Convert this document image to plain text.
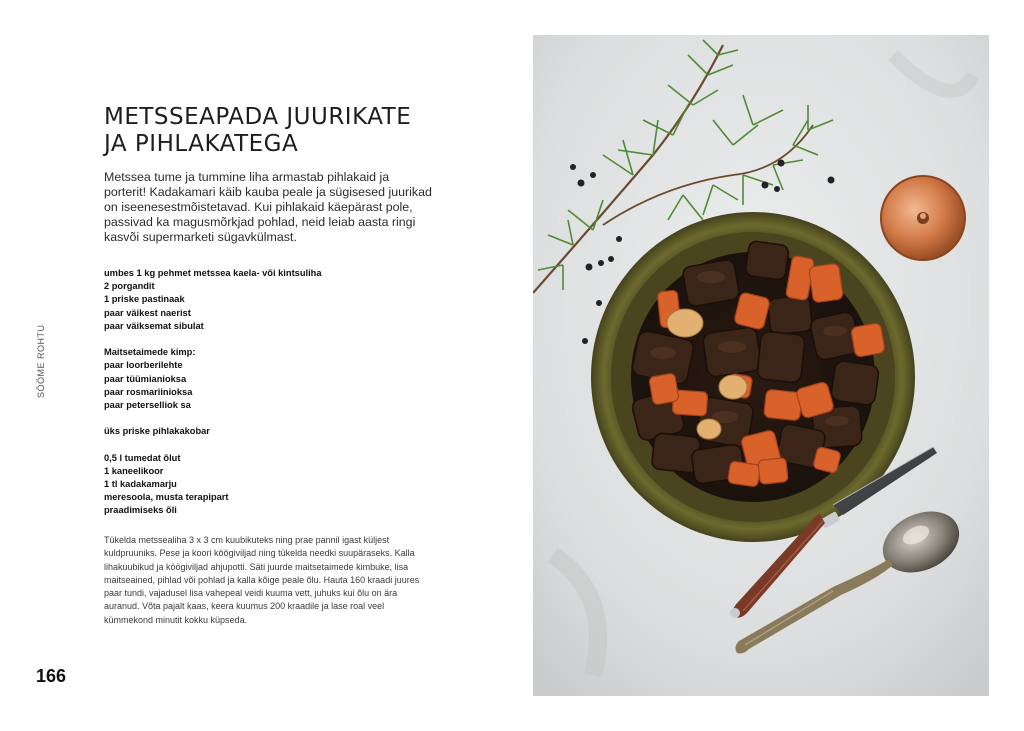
SÖÖME ROHTU
METSSEAPADA JUURIKATE
JA PIHLAKATEGA

Metssea tume ja tummine liha armastab pihlakaid ja porterit! Kadakamari käib kauba peale ja sügisesed juurikad on iseenesestmõistetavad. Kui pihlakaid käepärast pole, passivad ka magusmõrkjad pohlad, neid leiab aasta ringi kasvõi supermarketi sügavkülmast.

umbes 1 kg pehmet metssea kaela- või kintsuliha
2 porgandit
1 priske pastinaak
paar väikest naerist
paar väiksemat sibulat
Maitsetaimede kimp:
paar loorberilehte
paar tüümianioksa
paar rosmariinioksa
paar peterselliok sa
üks priske pihlakakobar
0,5 l tumedat õlut
1 kaneelikoor
1 tl kadakamarju
meresoola, musta terapipart
praadimiseks õli

Tükelda metssealiha 3 x 3 cm kuubikuteks ning prae pannil igast küljest kuldpruuniks. Pese ja koori köögiviljad ning tükelda needki suupäraseks. Kalla lihakuubikud ja köögiviljad ahjupotti. Säti juurde maitsetaimede kimbuke, lisa maitseained, pihlad või pohlad ja kalla kõige peale õlu. Hauta 160 kraadi juures paar tundi, vajadusel lisa vahepeal veidi kuuma vett, juhuks kui õlu on ära auranud. Võta pajalt kaas, keera kuumus 200 kraadile ja lase roal veel kümmekond minutit kokku küpseda.

166
